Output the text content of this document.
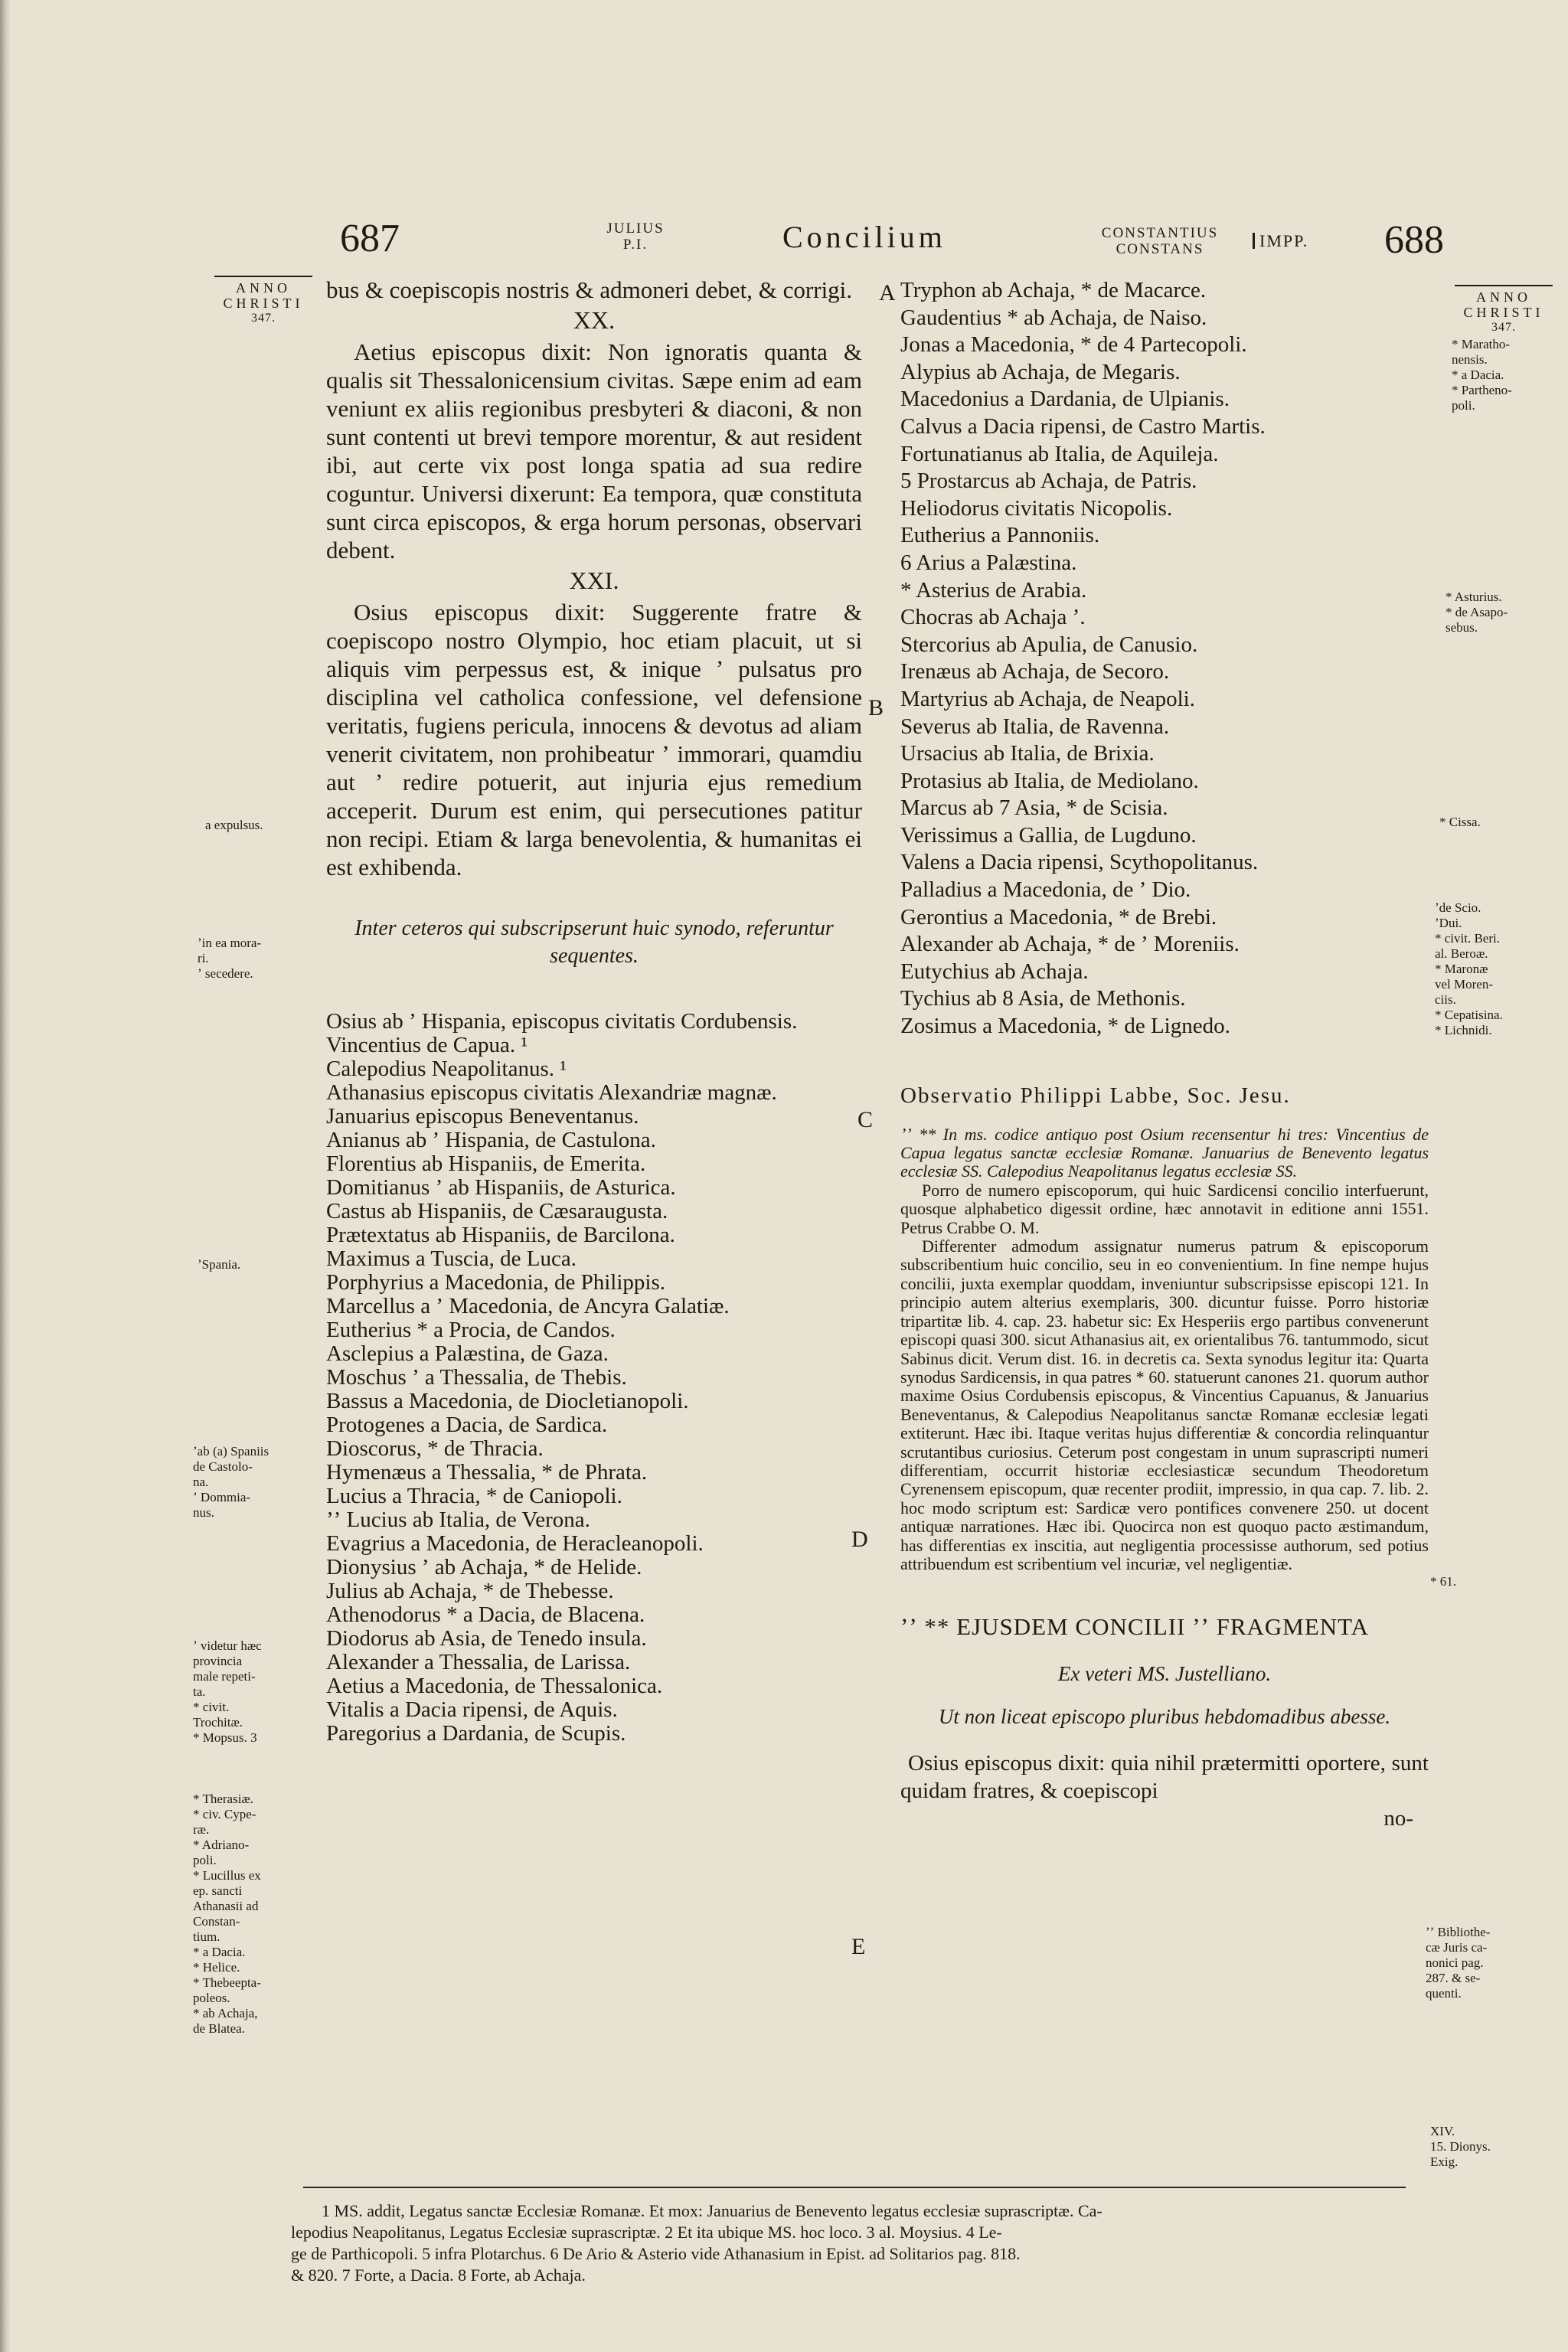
687	JULIUS
P.I.	Concilium	CONSTANTIUS
CONSTANS	IMPP. 688
ANNO
CHRISTI
347.
ANNO
CHRISTI
347.
a expulsus.
ʼin ea mora-
ri.
ʼ secedere.
ʼSpania.
ʼab (a) Spaniis
de Castolo-
na.
ʼ Dommia-
nus.
ʼ videtur hæc
provincia
male repeti-
ta.
* civit.
Trochitæ.
* Mopsus. 3
* Therasiæ.
* civ. Cype-
ræ.
* Adriano-
poli.
* Lucillus ex
ep. sancti
Athanasii ad
Constan-
tium.
* a Dacia.
* Helice.
* Thebeepta-
poleos.
* ab Achaja,
de Blatea.
* Maratho-
nensis.
* a Dacia.
* Partheno-
poli.
* Asturius.
* de Asapo-
sebus.
* Cissa.
ʼde Scio.
ʼDui.
* civit. Beri.
al. Beroæ.
* Maronæ
vel Moren-
ciis.
* Cepatisina.
* Lichnidi.
* 61.
ʼʼ Bibliothe-
cæ Juris ca-
nonici pag.
287. & se-
quenti.
XIV.
15. Dionys.
Exig.
A
B
C
D
E

bus & coepiscopis nostris & admoneri debet, & corrigi.

XX.

Aetius episcopus dixit: Non ignoratis quanta & qualis sit Thessalonicensium civitas. Sæpe enim ad eam veniunt ex aliis regionibus presbyteri & diaconi, & non sunt contenti ut brevi tempore morentur, & aut resident ibi, aut certe vix post longa spatia ad sua redire coguntur. Universi dixerunt: Ea tempora, quæ constituta sunt circa episcopos, & erga horum personas, observari debent.

XXI.

Osius episcopus dixit: Suggerente fratre & coepiscopo nostro Olympio, hoc etiam placuit, ut si aliquis vim perpessus est, & inique ʼ pulsatus pro disciplina vel catholica confessione, vel defensione veritatis, fugiens pericula, innocens & devotus ad aliam venerit civitatem, non prohibeatur ʼ immorari, quamdiu aut ʼ redire potuerit, aut injuria ejus remedium acceperit. Durum est enim, qui persecutiones patitur non recipi. Etiam & larga benevolentia, & humanitas ei est exhibenda.

Inter ceteros qui subscripserunt huic synodo, referuntur sequentes.
Osius ab ʼ Hispania, episcopus civitatis Cordubensis.
Vincentius de Capua. ¹
Calepodius Neapolitanus. ¹
Athanasius episcopus civitatis Alexandriæ magnæ.
Januarius episcopus Beneventanus.
Anianus ab ʼ Hispania, de Castulona.
Florentius ab Hispaniis, de Emerita.
Domitianus ʼ ab Hispaniis, de Asturica.
Castus ab Hispaniis, de Cæsaraugusta.
Prætextatus ab Hispaniis, de Barcilona.
Maximus a Tuscia, de Luca.
Porphyrius a Macedonia, de Philippis.
Marcellus a ʼ Macedonia, de Ancyra Galatiæ.
Eutherius * a Procia, de Candos.
Asclepius a Palæstina, de Gaza.
Moschus ʼ a Thessalia, de Thebis.
Bassus a Macedonia, de Diocletianopoli.
Protogenes a Dacia, de Sardica.
Dioscorus, * de Thracia.
Hymenæus a Thessalia, * de Phrata.
Lucius a Thracia, * de Caniopoli.
ʼʼ Lucius ab Italia, de Verona.
Evagrius a Macedonia, de Heracleanopoli.
Dionysius ʼ ab Achaja, * de Helide.
Julius ab Achaja, * de Thebesse.
Athenodorus * a Dacia, de Blacena.
Diodorus ab Asia, de Tenedo insula.
Alexander a Thessalia, de Larissa.
Aetius a Macedonia, de Thessalonica.
Vitalis a Dacia ripensi, de Aquis.
Paregorius a Dardania, de Scupis.
Tryphon ab Achaja, * de Macarce.
Gaudentius * ab Achaja, de Naiso.
Jonas a Macedonia, * de 4 Partecopoli.
Alypius ab Achaja, de Megaris.
Macedonius a Dardania, de Ulpianis.
Calvus a Dacia ripensi, de Castro Martis.
Fortunatianus ab Italia, de Aquileja.
5 Prostarcus ab Achaja, de Patris.
Heliodorus civitatis Nicopolis.
Eutherius a Pannoniis.
6 Arius a Palæstina.
* Asterius de Arabia.
Chocras ab Achaja ʼ.
Stercorius ab Apulia, de Canusio.
Irenæus ab Achaja, de Secoro.
Martyrius ab Achaja, de Neapoli.
Severus ab Italia, de Ravenna.
Ursacius ab Italia, de Brixia.
Protasius ab Italia, de Mediolano.
Marcus ab 7 Asia, * de Scisia.
Verissimus a Gallia, de Lugduno.
Valens a Dacia ripensi, Scythopolitanus.
Palladius a Macedonia, de ʼ Dio.
Gerontius a Macedonia, * de Brebi.
Alexander ab Achaja, * de ʼ Moreniis.
Eutychius ab Achaja.
Tychius ab 8 Asia, de Methonis.
Zosimus a Macedonia, * de Lignedo.
Observatio Philippi Labbe, Soc. Jesu.

ʼʼ ** In ms. codice antiquo post Osium recensentur hi tres: Vincentius de Capua legatus sanctæ ecclesiæ Romanæ. Januarius de Benevento legatus ecclesiæ SS. Calepodius Neapolitanus legatus ecclesiæ SS.

Porro de numero episcoporum, qui huic Sardicensi concilio interfuerunt, quosque alphabetico digessit ordine, hæc annotavit in editione anni 1551. Petrus Crabbe O. M.

Differenter admodum assignatur numerus patrum & episcoporum subscribentium huic concilio, seu in eo convenientium. In fine nempe hujus concilii, juxta exemplar quoddam, inveniuntur subscripsisse episcopi 121. In principio autem alterius exemplaris, 300. dicuntur fuisse. Porro historiæ tripartitæ lib. 4. cap. 23. habetur sic: Ex Hesperiis ergo partibus convenerunt episcopi quasi 300. sicut Athanasius ait, ex orientalibus 76. tantummodo, sicut Sabinus dicit. Verum dist. 16. in decretis ca. Sexta synodus legitur ita: Quarta synodus Sardicensis, in qua patres * 60. statuerunt canones 21. quorum author maxime Osius Cordubensis episcopus, & Vincentius Capuanus, & Januarius Beneventanus, & Calepodius Neapolitanus sanctæ Romanæ ecclesiæ legati extiterunt. Hæc ibi. Itaque veritas hujus differentiæ & concordia relinquantur scrutantibus curiosius. Ceterum post congestam in unum suprascripti numeri differentiam, occurrit historiæ ecclesiasticæ secundum Theodoretum Cyrenensem episcopum, quæ recenter prodiit, impressio, in qua cap. 7. lib. 2. hoc modo scriptum est: Sardicæ vero pontifices convenere 250. ut docent antiquæ narrationes. Hæc ibi. Quocirca non est quoquo pacto æstimandum, has differentias ex inscitia, aut negligentia processisse authorum, sed potius attribuendum est scribentium vel incuriæ, vel negligentiæ.

ʼʼ ** EJUSDEM CONCILII ʼʼ FRAGMENTA
Ex veteri MS. Justelliano.
Ut non liceat episcopo pluribus hebdomadibus abesse.

Osius episcopus dixit: quia nihil prætermitti oportere, sunt quidam fratres, & coepiscopi

no-

1 MS. addit, Legatus sanctæ Ecclesiæ Romanæ. Et mox: Januarius de Benevento legatus ecclesiæ suprascriptæ. Ca-
lepodius Neapolitanus, Legatus Ecclesiæ suprascriptæ. 2 Et ita ubique MS. hoc loco. 3 al. Moysius. 4 Le-
ge de Parthicopoli. 5 infra Plotarchus. 6 De Ario & Asterio vide Athanasium in Epist. ad Solitarios pag. 818.
& 820. 7 Forte, a Dacia. 8 Forte, ab Achaja.
